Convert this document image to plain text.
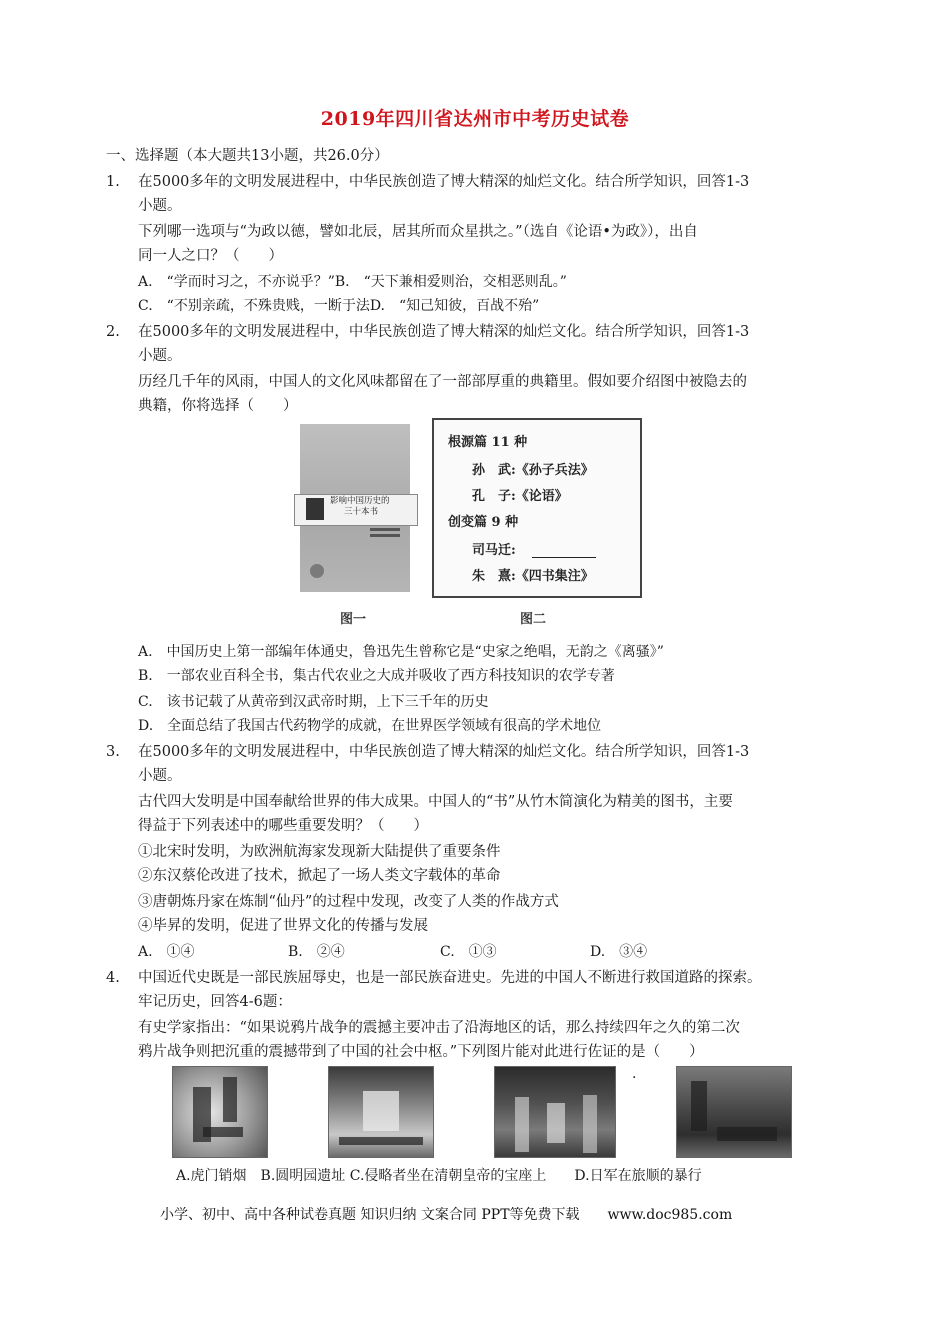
2019年四川省达州市中考历史试卷
一、选择题（本大题共13小题，共26.0分）
1. 在5000多年的文明发展进程中，中华民族创造了博大精深的灿烂文化。结合所学知识，回答1-3
小题。
下列哪一选项与“为政以德，譬如北辰，居其所而众星拱之。”（选自《论语•为政》），出自
同一人之口？（　　）
A.　“学而时习之，不亦说乎？”B.　“天下兼相爱则治，交相恶则乱。”
C.　“不别亲疏，不殊贵贱，一断于法D.　“知己知彼，百战不殆”
2. 在5000多年的文明发展进程中，中华民族创造了博大精深的灿烂文化。结合所学知识，回答1-3
小题。
历经几千年的风雨，中国人的文化风味都留在了一部部厚重的典籍里。假如要介绍图中被隐去的
典籍，你将选择（　　）
影响中国历史的
三十本书
根源篇 11 种
孙　武:《孙子兵法》
孔　子:《论语》
创变篇 9 种
司马迁:
朱　熹:《四书集注》
图一	图二
A.　中国历史上第一部编年体通史，鲁迅先生曾称它是“史家之绝唱，无韵之《离骚》”
B.　一部农业百科全书，集古代农业之大成并吸收了西方科技知识的农学专著
C.　该书记载了从黄帝到汉武帝时期，上下三千年的历史
D.　全面总结了我国古代药物学的成就，在世界医学领域有很高的学术地位
3. 在5000多年的文明发展进程中，中华民族创造了博大精深的灿烂文化。结合所学知识，回答1-3
小题。
古代四大发明是中国奉献给世界的伟大成果。中国人的“书”从竹木简演化为精美的图书，主要
得益于下列表述中的哪些重要发明？（　　）
①北宋时发明，为欧洲航海家发现新大陆提供了重要条件
②东汉蔡伦改进了技术，掀起了一场人类文字载体的革命
③唐朝炼丹家在炼制“仙丹”的过程中发现，改变了人类的作战方式
④毕昇的发明，促进了世界文化的传播与发展
A.　①④	B.　②④	C.　①③	D.　③④
4. 中国近代史既是一部民族屈辱史，也是一部民族奋进史。先进的中国人不断进行救国道路的探索。
牢记历史，回答4-6题：
有史学家指出：“如果说鸦片战争的震撼主要冲击了沿海地区的话，那么持续四年之久的第二次
鸦片战争则把沉重的震撼带到了中国的社会中枢。”下列图片能对此进行佐证的是（　　）
.
A.虎门销烟　B.圆明园遗址 C.侵略者坐在清朝皇帝的宝座上　　D.日军在旅顺的暴行
小学、初中、高中各种试卷真题 知识归纳 文案合同 PPT等免费下载　　www.doc985.com
